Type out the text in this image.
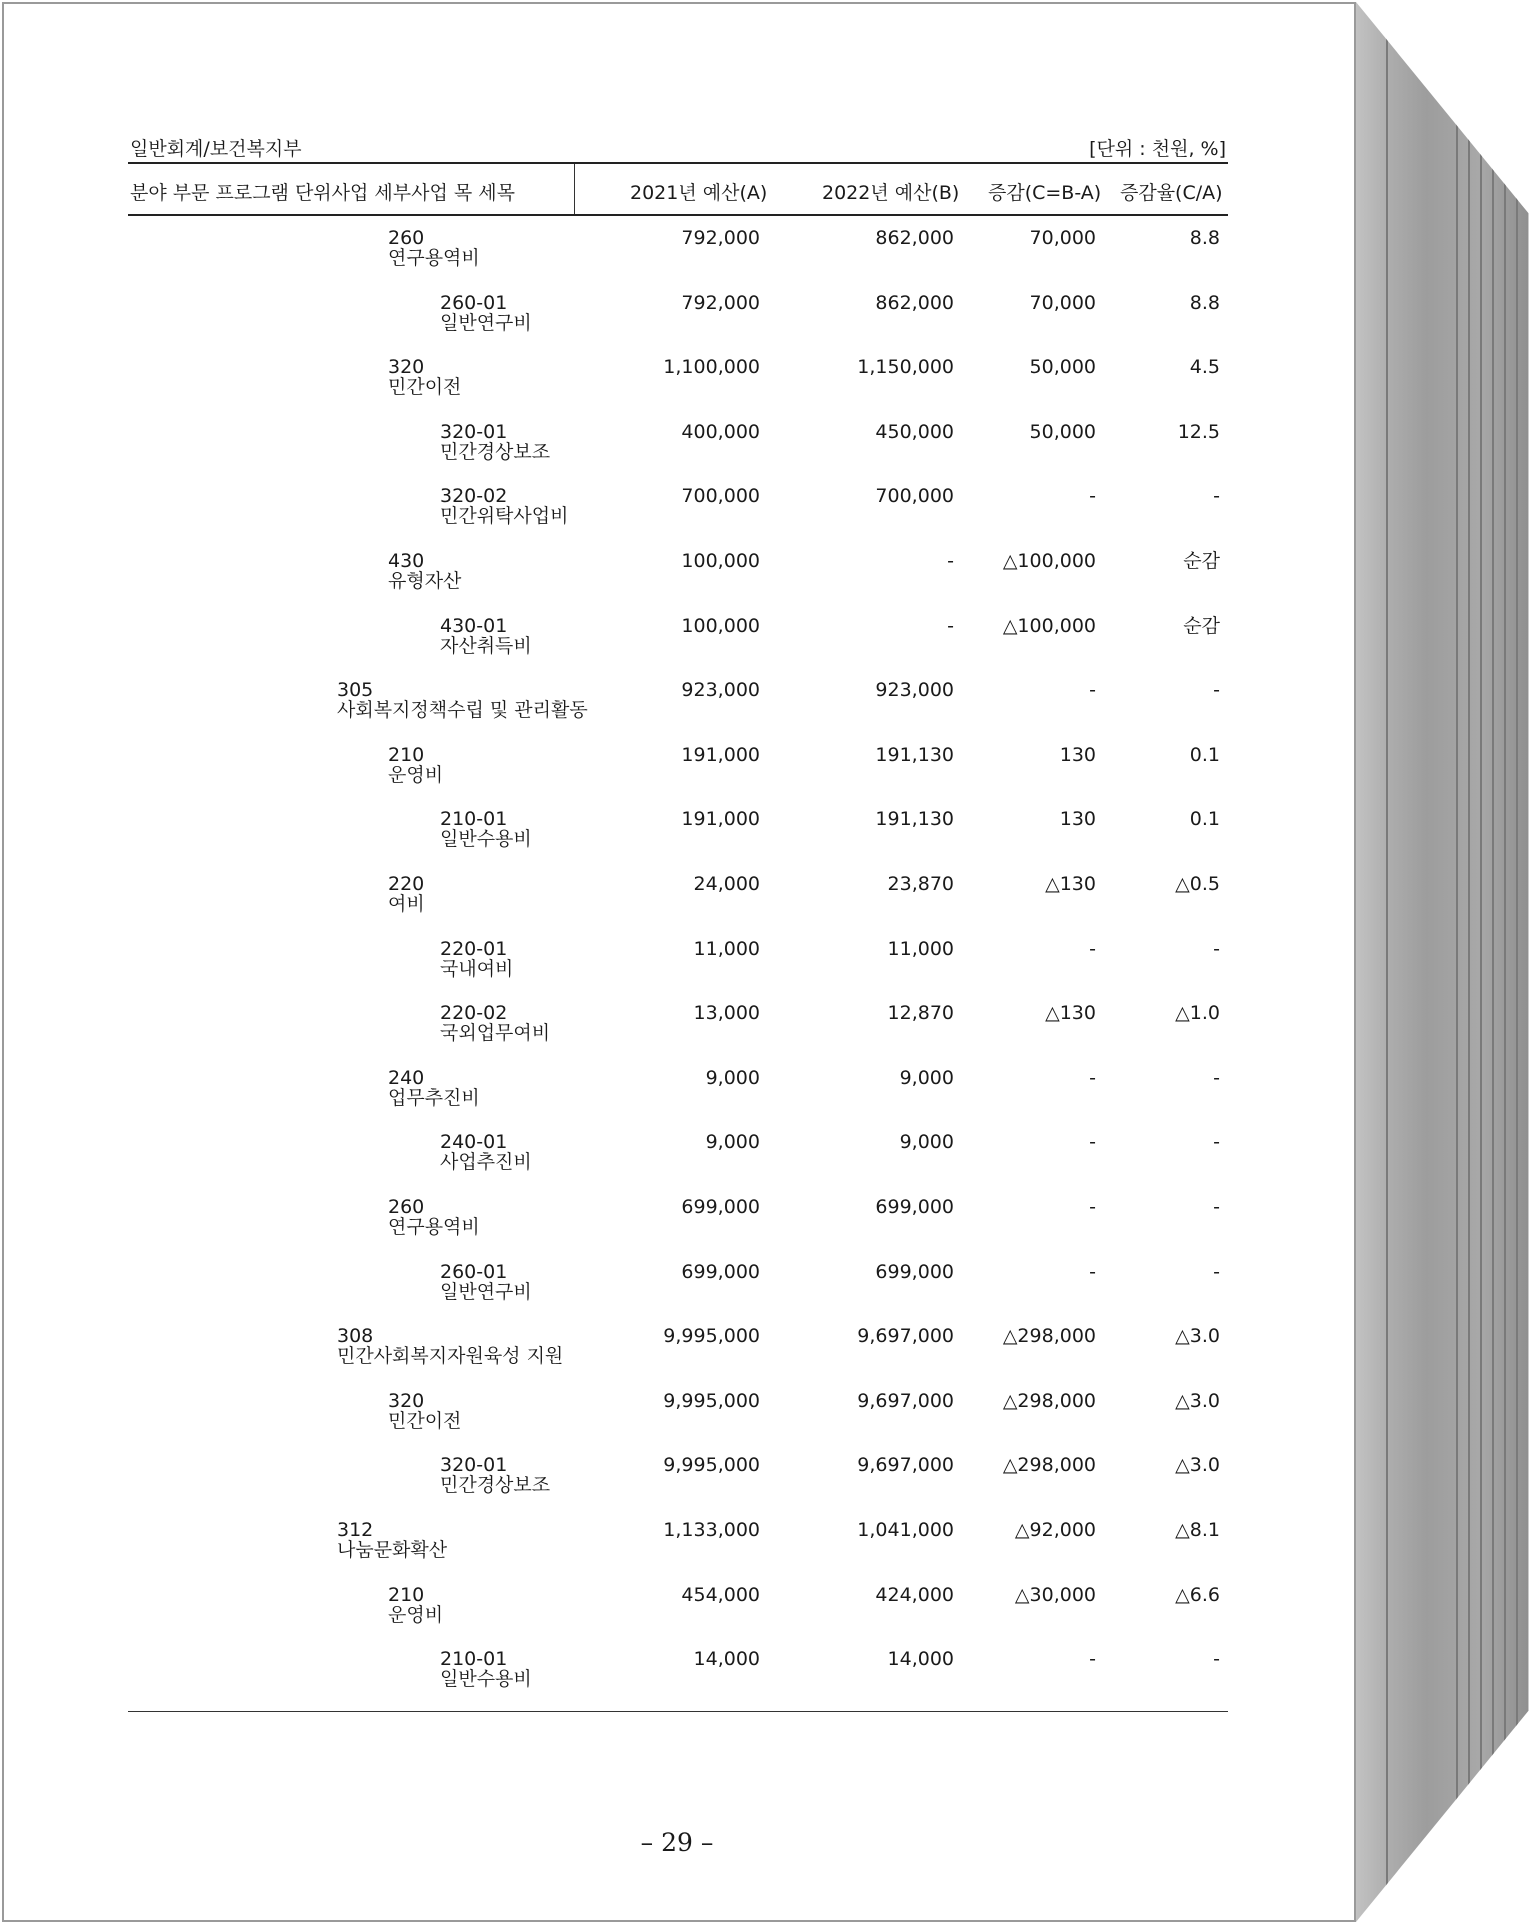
일반회계/보건복지부	[단위 : 천원, %]
분야 부문 프로그램 단위사업 세부사업 목 세목	2021년 예산(A)	2022년 예산(B) 증감(C=B-A) 증감율(C/A)
260
연구용역비
792,000	862,000	70,000	8.8
260-01
일반연구비
792,000	862,000	70,000	8.8
320
민간이전
1,100,000	1,150,000	50,000	4.5
320-01
민간경상보조
400,000	450,000	50,000	12.5
320-02
민간위탁사업비
700,000	700,000	-	-
430
유형자산
100,000	-	△100,000	순감
430-01
자산취득비
100,000	-	△100,000	순감
305
사회복지정책수립 및 관리활동
923,000	923,000	-	-
210
운영비
191,000	191,130	130	0.1
210-01
일반수용비
191,000	191,130	130	0.1
220
여비
24,000	23,870	△130	△0.5
220-01
국내여비
11,000	11,000	-	-
220-02
국외업무여비
13,000	12,870	△130	△1.0
240
업무추진비
9,000	9,000	-	-
240-01
사업추진비
9,000	9,000	-	-
260
연구용역비
699,000	699,000	-	-
260-01
일반연구비
699,000	699,000	-	-
308
민간사회복지자원육성 지원
9,995,000	9,697,000	△298,000	△3.0
320
민간이전
9,995,000	9,697,000	△298,000	△3.0
320-01
민간경상보조
9,995,000	9,697,000	△298,000	△3.0
312
나눔문화확산
1,133,000	1,041,000	△92,000	△8.1
210
운영비
454,000	424,000	△30,000	△6.6
210-01
일반수용비
14,000	14,000	-	-
– 29 –
